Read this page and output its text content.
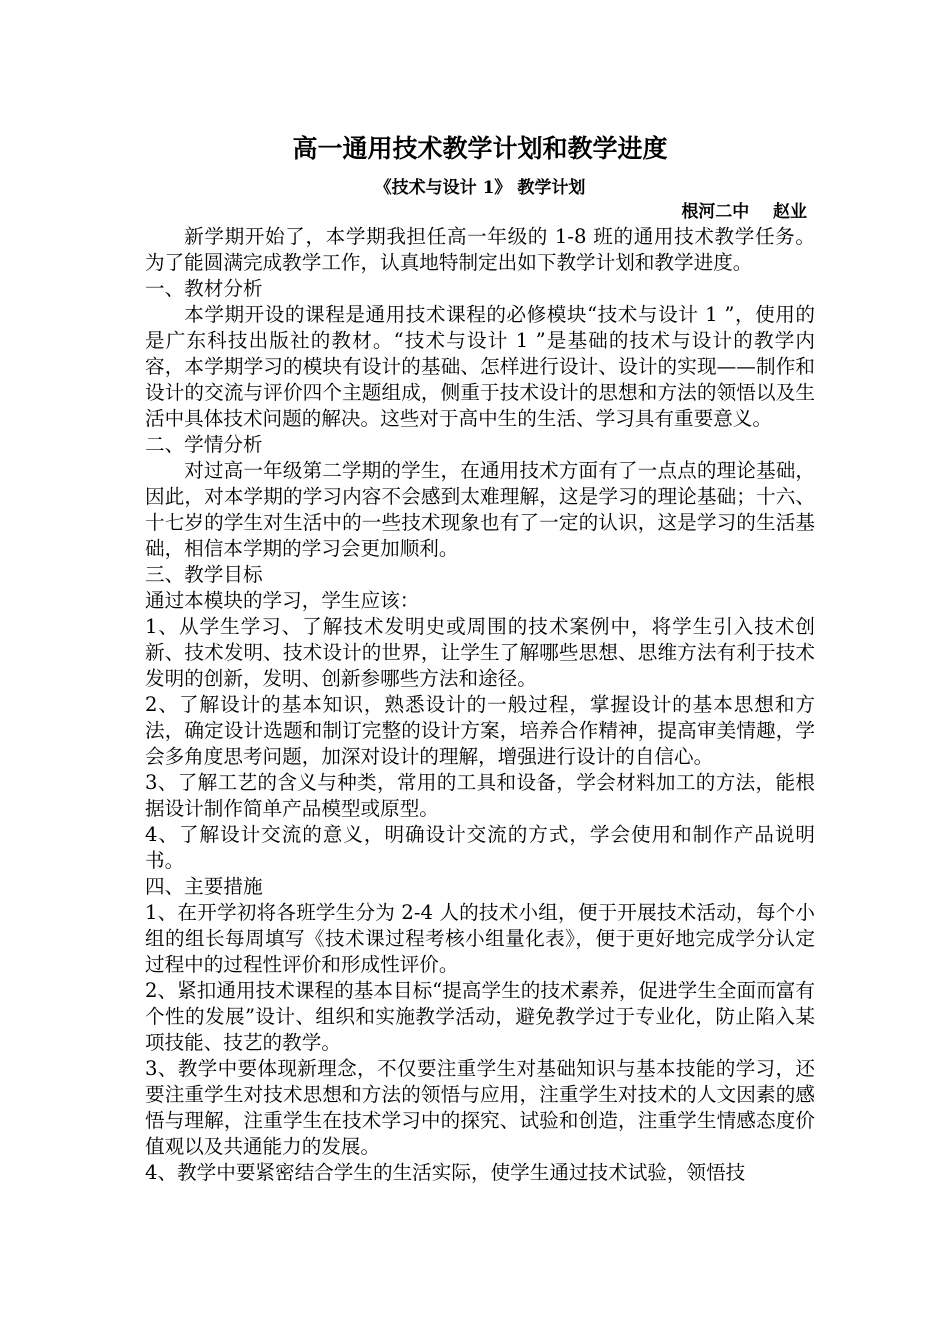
高一通用技术教学计划和教学进度

《技术与设计 1》 教学计划

根河二中    赵业

新学期开始了，本学期我担任高一年级的 1-8 班的通用技术教学任务。为了能圆满完成教学工作，认真地特制定出如下教学计划和教学进度。

一、教材分析

本学期开设的课程是通用技术课程的必修模块“技术与设计 1 ”，使用的是广东科技出版社的教材。“技术与设计 1 ”是基础的技术与设计的教学内容，本学期学习的模块有设计的基础、怎样进行设计、设计的实现——制作和设计的交流与评价四个主题组成，侧重于技术设计的思想和方法的领悟以及生活中具体技术问题的解决。这些对于高中生的生活、学习具有重要意义。

二、学情分析

对过高一年级第二学期的学生，在通用技术方面有了一点点的理论基础，因此，对本学期的学习内容不会感到太难理解，这是学习的理论基础；十六、十七岁的学生对生活中的一些技术现象也有了一定的认识，这是学习的生活基础，相信本学期的学习会更加顺利。

三、教学目标

通过本模块的学习，学生应该：

1、从学生学习、了解技术发明史或周围的技术案例中，将学生引入技术创新、技术发明、技术设计的世界，让学生了解哪些思想、思维方法有利于技术发明的创新，发明、创新参哪些方法和途径。

2、了解设计的基本知识，熟悉设计的一般过程，掌握设计的基本思想和方法，确定设计选题和制订完整的设计方案，培养合作精神，提高审美情趣，学会多角度思考问题，加深对设计的理解，增强进行设计的自信心。

3、了解工艺的含义与种类，常用的工具和设备，学会材料加工的方法，能根据设计制作简单产品模型或原型。

4、了解设计交流的意义，明确设计交流的方式，学会使用和制作产品说明书。

四、主要措施

1、在开学初将各班学生分为 2-4 人的技术小组，便于开展技术活动，每个小组的组长每周填写《技术课过程考核小组量化表》，便于更好地完成学分认定过程中的过程性评价和形成性评价。

2、紧扣通用技术课程的基本目标“提高学生的技术素养，促进学生全面而富有个性的发展”设计、组织和实施教学活动，避免教学过于专业化，防止陷入某项技能、技艺的教学。

3、教学中要体现新理念，不仅要注重学生对基础知识与基本技能的学习，还要注重学生对技术思想和方法的领悟与应用，注重学生对技术的人文因素的感悟与理解，注重学生在技术学习中的探究、试验和创造，注重学生情感态度价值观以及共通能力的发展。

4、教学中要紧密结合学生的生活实际，使学生通过技术试验，领悟技
